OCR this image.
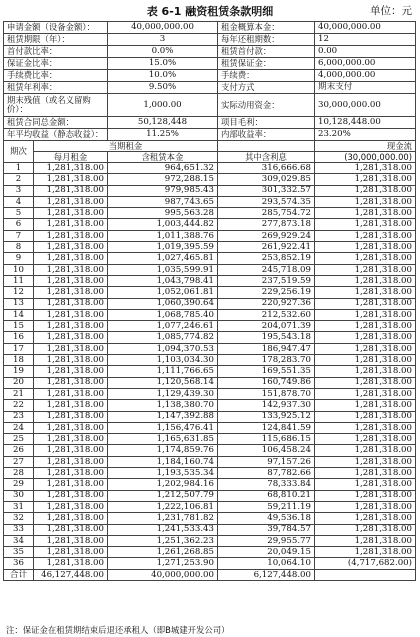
表 6-1 融资租赁条款明细	单位：元
申请金额（设备金额）：		40,000,000.00	租金概算本金：	40,000,000.00
租赁期限（年）：		3	每年还租期数：	12
首付款比率：		0.0%	租赁首付款：	0.00
保证金比率：		15.0%	租赁保证金：	6,000,000.00
手续费比率：		10.0%	手续费：	4,000,000.00
租赁年利率：		9.50%	支付方式	期末支付
期末残值（或名义留购价）：		1,000.00	实际动用资金：	30,000,000.00
租赁合同总金额：		50,128,448	项目毛利：	10,128,448.00
年平均收益（静态收益）：		11.25%	内部收益率：	23.20%
期次	当期租金			现金流
	每月租金	含租赁本金	其中含利息	(30,000,000.00)
1	1,281,318.00	964,651.32	316,666.68	1,281,318.00
2	1,281,318.00	972,288.15	309,029.85	1,281,318.00
3	1,281,318.00	979,985.43	301,332.57	1,281,318.00
4	1,281,318.00	987,743.65	293,574.35	1,281,318.00
5	1,281,318.00	995,563.28	285,754.72	1,281,318.00
6	1,281,318.00	1,003,444.82	277,873.18	1,281,318.00
7	1,281,318.00	1,011,388.76	269,929.24	1,281,318.00
8	1,281,318.00	1,019,395.59	261,922.41	1,281,318.00
9	1,281,318.00	1,027,465.81	253,852.19	1,281,318.00
10	1,281,318.00	1,035,599.91	245,718.09	1,281,318.00
11	1,281,318.00	1,043,798.41	237,519.59	1,281,318.00
12	1,281,318.00	1,052,061.81	229,256.19	1,281,318.00
13	1,281,318.00	1,060,390.64	220,927.36	1,281,318.00
14	1,281,318.00	1,068,785.40	212,532.60	1,281,318.00
15	1,281,318.00	1,077,246.61	204,071.39	1,281,318.00
16	1,281,318.00	1,085,774.82	195,543.18	1,281,318.00
17	1,281,318.00	1,094,370.53	186,947.47	1,281,318.00
18	1,281,318.00	1,103,034.30	178,283.70	1,281,318.00
19	1,281,318.00	1,111,766.65	169,551.35	1,281,318.00
20	1,281,318.00	1,120,568.14	160,749.86	1,281,318.00
21	1,281,318.00	1,129,439.30	151,878.70	1,281,318.00
22	1,281,318.00	1,138,380.70	142,937.30	1,281,318.00
23	1,281,318.00	1,147,392.88	133,925.12	1,281,318.00
24	1,281,318.00	1,156,476.41	124,841.59	1,281,318.00
25	1,281,318.00	1,165,631.85	115,686.15	1,281,318.00
26	1,281,318.00	1,174,859.76	106,458.24	1,281,318.00
27	1,281,318.00	1,184,160.74	97,157.26	1,281,318.00
28	1,281,318.00	1,193,535.34	87,782.66	1,281,318.00
29	1,281,318.00	1,202,984.16	78,333.84	1,281,318.00
30	1,281,318.00	1,212,507.79	68,810.21	1,281,318.00
31	1,281,318.00	1,222,106.81	59,211.19	1,281,318.00
32	1,281,318.00	1,231,781.82	49,536.18	1,281,318.00
33	1,281,318.00	1,241,533.43	39,784.57	1,281,318.00
34	1,281,318.00	1,251,362.23	29,955.77	1,281,318.00
35	1,281,318.00	1,261,268.85	20,049.15	1,281,318.00
36	1,281,318.00	1,271,253.90	10,064.10	(4,717,682.00)
合计	46,127,448.00	40,000,000.00	6,127,448.00	
注：保证金在租赁期结束后退还承租人（即B城建开发公司）
